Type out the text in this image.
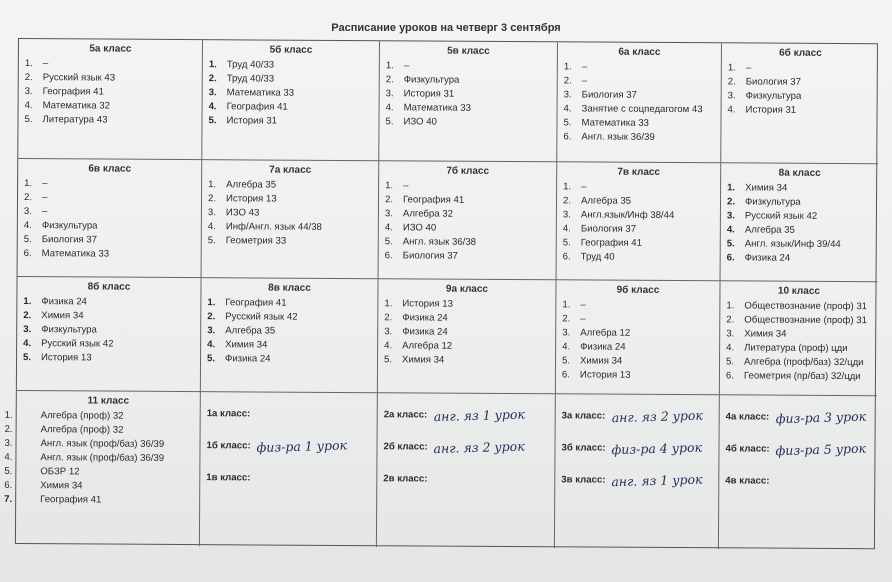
Расписание уроков на четверг 3 сентября
5а класс
1. –
2. Русский язык 43
3. География 41
4. Математика 32
5. Литература 43
5б класс
1. Труд 40/33
2. Труд 40/33
3. Математика 33
4. География 41
5. История 31
5в класс
1. –
2. Физкультура
3. История 31
4. Математика 33
5. ИЗО 40
6а класс
1. –
2. –
3. Биология 37
4. Занятие с соцпедагогом 43
5. Математика 33
6. Англ. язык 36/39
6б класс
1. –
2. Биология 37
3. Физкультура
4. История 31
6в класс
1. –
2. –
3. –
4. Физкультура
5. Биология 37
6. Математика 33
7а класс
1. Алгебра 35
2. История 13
3. ИЗО 43
4. Инф/Англ. язык 44/38
5. Геометрия 33
7б класс
1. –
2. География 41
3. Алгебра 32
4. ИЗО 40
5. Англ. язык 36/38
6. Биология 37
7в класс
1. –
2. Алгебра 35
3. Англ.язык/Инф 38/44
4. Биология 37
5. География 41
6. Труд 40
8а класс
1. Химия 34
2. Физкультура
3. Русский язык 42
4. Алгебра 35
5. Англ. язык/Инф 39/44
6. Физика 24
8б класс
1. Физика 24
2. Химия 34
3. Физкультура
4. Русский язык 42
5. История 13
8в класс
1. География 41
2. Русский язык 42
3. Алгебра 35
4. Химия 34
5. Физика 24
9а класс
1. История 13
2. Физика 24
3. Физика 24
4. Алгебра 12
5. Химия 34
9б класс
1. –
2. –
3. Алгебра 12
4. Физика 24
5. Химия 34
6. История 13
10 класс
1. Обществознание (проф) 31
2. Обществознание (проф) 31
3. Химия 34
4. Литература (проф) цди
5. Алгебра (проф/баз) 32/цди
6. Геометрия (пр/баз) 32/цди
11 класс
1.	Алгебра (проф) 32
2.	Алгебра (проф) 32
3.	Англ. язык (проф/баз) 36/39
4.	Англ. язык (проф/баз) 36/39
5.	ОБЗР 12
6.	Химия 34
7.	География 41
1а класс:
1б класс: физ-ра 1 урок
1в класс:
2а класс: анг. яз 1 урок
2б класс: анг. яз 2 урок
2в класс:
3а класс: анг. яз 2 урок
3б класс: физ-ра 4 урок
3в класс: анг. яз 1 урок
4а класс: физ-ра 3 урок
4б класс: физ-ра 5 урок
4в класс:
